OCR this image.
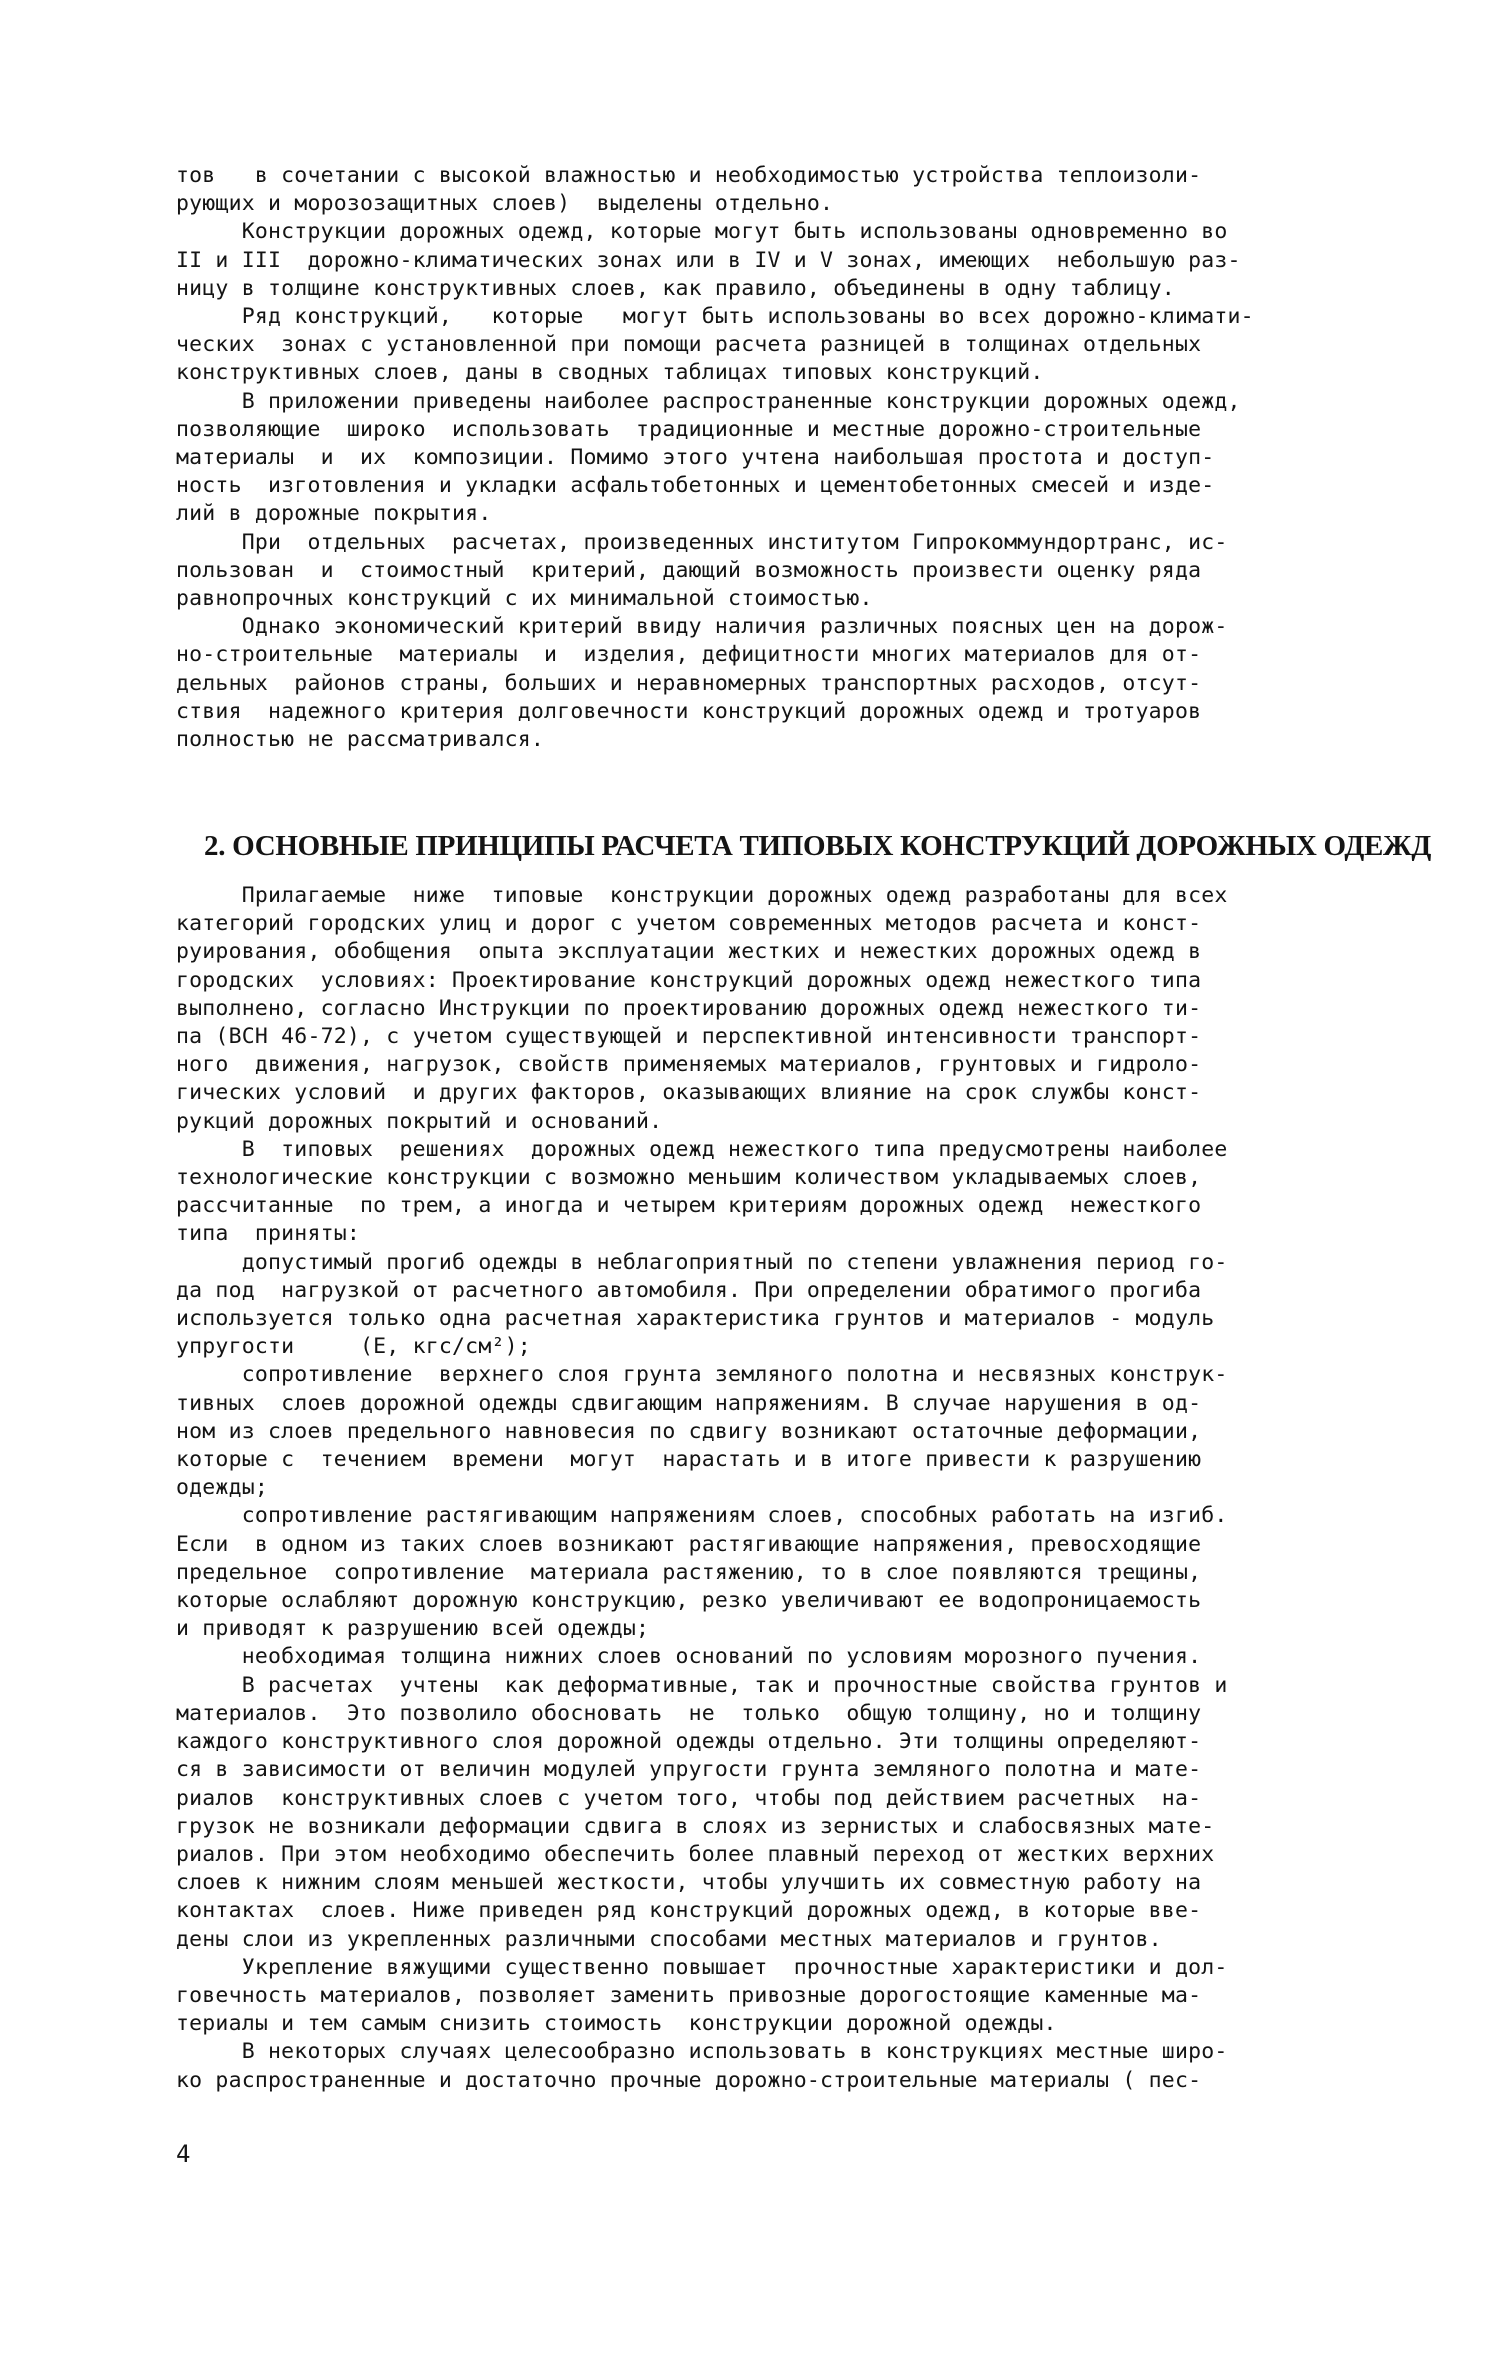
тов   в сочетании с высокой влажностью и необходимостью устройства теплоизоли-

рующих и морозозащитных слоев)  выделены отдельно.

Конструкции дорожных одежд, которые могут быть использованы одновременно во

II и III  дорожно-климатических зонах или в IV и V зонах, имеющих  небольшую раз-

ницу в толщине конструктивных слоев, как правило, объединены в одну таблицу.

Ряд конструкций,   которые   могут быть использованы во всех дорожно-климати-

ческих  зонах с установленной при помощи расчета разницей в толщинах отдельных

конструктивных слоев, даны в сводных таблицах типовых конструкций.

В приложении приведены наиболее распространенные конструкции дорожных одежд,

позволяющие  широко  использовать  традиционные и местные дорожно-строительные

материалы  и  их  композиции. Помимо этого учтена наибольшая простота и доступ-

ность  изготовления и укладки асфальтобетонных и цементобетонных смесей и изде-

лий в дорожные покрытия.

При  отдельных  расчетах, произведенных институтом Гипрокоммундортранс, ис-

пользован  и  стоимостный  критерий, дающий возможность произвести оценку ряда

равнопрочных конструкций с их минимальной стоимостью.

Однако экономический критерий ввиду наличия различных поясных цен на дорож-

но-строительные  материалы  и  изделия, дефицитности многих материалов для от-

дельных  районов страны, больших и неравномерных транспортных расходов, отсут-

ствия  надежного критерия долговечности конструкций дорожных одежд и тротуаров

полностью не рассматривался.

2. ОСНОВНЫЕ ПРИНЦИПЫ РАСЧЕТА ТИПОВЫХ КОНСТРУКЦИЙ ДОРОЖНЫХ ОДЕЖД

Прилагаемые  ниже  типовые  конструкции дорожных одежд разработаны для всех

категорий городских улиц и дорог с учетом современных методов расчета и конст-

руирования, обобщения  опыта эксплуатации жестких и нежестких дорожных одежд в

городских  условиях: Проектирование конструкций дорожных одежд нежесткого типа

выполнено, согласно Инструкции по проектированию дорожных одежд нежесткого ти-

па (ВСН 46-72), с учетом существующей и перспективной интенсивности транспорт-

ного  движения, нагрузок, свойств применяемых материалов, грунтовых и гидроло-

гических условий  и других факторов, оказывающих влияние на срок службы конст-

рукций дорожных покрытий и оснований.

В  типовых  решениях  дорожных одежд нежесткого типа предусмотрены наиболее

технологические конструкции с возможно меньшим количеством укладываемых слоев,

рассчитанные  по трем, а иногда и четырем критериям дорожных одежд  нежесткого

типа  приняты:

допустимый прогиб одежды в неблагоприятный по степени увлажнения период го-

да под  нагрузкой от расчетного автомобиля. При определении обратимого прогиба

используется только одна расчетная характеристика грунтов и материалов - модуль

упругости     (E, кгс/см²);

сопротивление  верхнего слоя грунта земляного полотна и несвязных конструк-

тивных  слоев дорожной одежды сдвигающим напряжениям. В случае нарушения в од-

ном из слоев предельного навновесия по сдвигу возникают остаточные деформации,

которые с  течением  времени  могут  нарастать и в итоге привести к разрушению

одежды;

сопротивление растягивающим напряжениям слоев, способных работать на изгиб.

Если  в одном из таких слоев возникают растягивающие напряжения, превосходящие

предельное  сопротивление  материала растяжению, то в слое появляются трещины,

которые ослабляют дорожную конструкцию, резко увеличивают ее водопроницаемость

и приводят к разрушению всей одежды;

необходимая толщина нижних слоев оснований по условиям морозного пучения.

В расчетах  учтены  как деформативные, так и прочностные свойства грунтов и

материалов.  Это позволило обосновать  не  только  общую толщину, но и толщину

каждого конструктивного слоя дорожной одежды отдельно. Эти толщины определяют-

ся в зависимости от величин модулей упругости грунта земляного полотна и мате-

риалов  конструктивных слоев с учетом того, чтобы под действием расчетных  на-

грузок не возникали деформации сдвига в слоях из зернистых и слабосвязных мате-

риалов. При этом необходимо обеспечить более плавный переход от жестких верхних

слоев к нижним слоям меньшей жесткости, чтобы улучшить их совместную работу на

контактах  слоев. Ниже приведен ряд конструкций дорожных одежд, в которые вве-

дены слои из укрепленных различными способами местных материалов и грунтов.

Укрепление вяжущими существенно повышает  прочностные характеристики и дол-

говечность материалов, позволяет заменить привозные дорогостоящие каменные ма-

териалы и тем самым снизить стоимость  конструкции дорожной одежды.

В некоторых случаях целесообразно использовать в конструкциях местные широ-

ко распространенные и достаточно прочные дорожно-строительные материалы ( пес-

4
